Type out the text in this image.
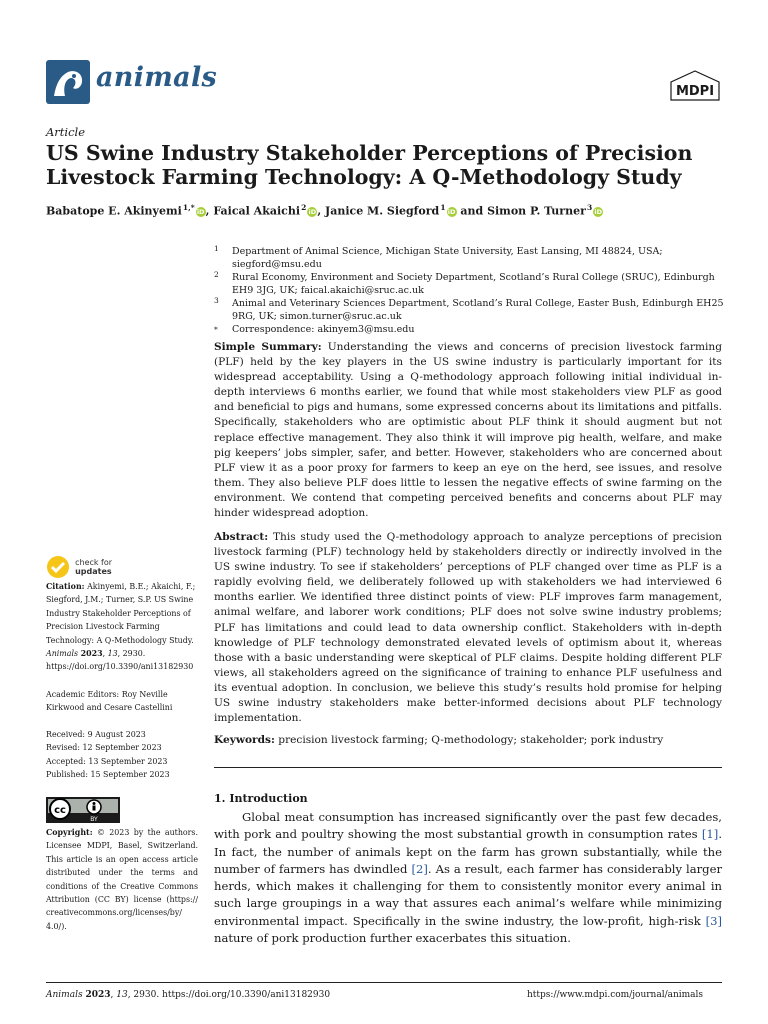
animals	MDPI
Article
US Swine Industry Stakeholder Perceptions of Precision Livestock Farming Technology: A Q-Methodology Study
Babatope E. Akinyemi $^{1,*}$ iD, Faical Akaichi $^2$ iD, Janice M. Siegford $^1$ iD and Simon P. Turner $^3$ iD
1 Department of Animal Science, Michigan State University, East Lansing, MI 48824, USA; siegford@msu.edu
2 Rural Economy, Environment and Society Department, Scotland’s Rural College (SRUC), Edinburgh EH9 3JG, UK; faical.akaichi@sruc.ac.uk
3 Animal and Veterinary Sciences Department, Scotland’s Rural College, Easter Bush, Edinburgh EH25 9RG, UK; simon.turner@sruc.ac.uk
* Correspondence: akinyem3@msu.edu
Simple Summary: Understanding the views and concerns of precision livestock farming (PLF) held by the key players in the US swine industry is particularly important for its widespread acceptability. Using a Q-methodology approach following initial individual in-depth interviews 6 months earlier, we found that while most stakeholders view PLF as good and beneficial to pigs and humans, some expressed concerns about its limitations and pitfalls. Specifically, stakeholders who are optimistic about PLF think it should augment but not replace effective management. They also think it will improve pig health, welfare, and make pig keepers’ jobs simpler, safer, and better. However, stakeholders who are concerned about PLF view it as a poor proxy for farmers to keep an eye on the herd, see issues, and resolve them. They also believe PLF does little to lessen the negative effects of swine farming on the environment. We contend that competing perceived benefits and concerns about PLF may hinder widespread adoption.
Abstract: This study used the Q-methodology approach to analyze perceptions of precision livestock farming (PLF) technology held by stakeholders directly or indirectly involved in the US swine industry. To see if stakeholders’ perceptions of PLF changed over time as PLF is a rapidly evolving field, we deliberately followed up with stakeholders we had interviewed 6 months earlier. We identified three distinct points of view: PLF improves farm management, animal welfare, and laborer work conditions; PLF does not solve swine industry problems; PLF has limitations and could lead to data ownership conflict. Stakeholders with in-depth knowledge of PLF technology demonstrated elevated levels of optimism about it, whereas those with a basic understanding were skeptical of PLF claims. Despite holding different PLF views, all stakeholders agreed on the significance of training to enhance PLF usefulness and its eventual adoption. In conclusion, we believe this study’s results hold promise for helping US swine industry stakeholders make better-informed decisions about PLF technology implementation.
Keywords: precision livestock farming; Q-methodology; stakeholder; pork industry
check for
updates
Citation: Akinyemi, B.E.; Akaichi, F.; Siegford, J.M.; Turner, S.P. US Swine Industry Stakeholder Perceptions of Precision Livestock Farming Technology: A Q-Methodology Study. Animals 2023, 13, 2930. https://doi.org/10.3390/ani13182930
Academic Editors: Roy Neville Kirkwood and Cesare Castellini
Received: 9 August 2023
Revised: 12 September 2023
Accepted: 13 September 2023
Published: 15 September 2023
cc
BY
Copyright: © 2023 by the authors. Licensee MDPI, Basel, Switzerland. This article is an open access article distributed under the terms and conditions of the Creative Commons Attribution (CC BY) license (https:// creativecommons.org/licenses/by/ 4.0/).
1. Introduction
Global meat consumption has increased significantly over the past few decades, with pork and poultry showing the most substantial growth in consumption rates [1]. In fact, the number of animals kept on the farm has grown substantially, while the number of farmers has dwindled [2]. As a result, each farmer has considerably larger herds, which makes it challenging for them to consistently monitor every animal in such large groupings in a way that assures each animal’s welfare while minimizing environmental impact. Specifically in the swine industry, the low-profit, high-risk [3] nature of pork production further exacerbates this situation.
Animals 2023, 13, 2930. https://doi.org/10.3390/ani13182930	https://www.mdpi.com/journal/animals
